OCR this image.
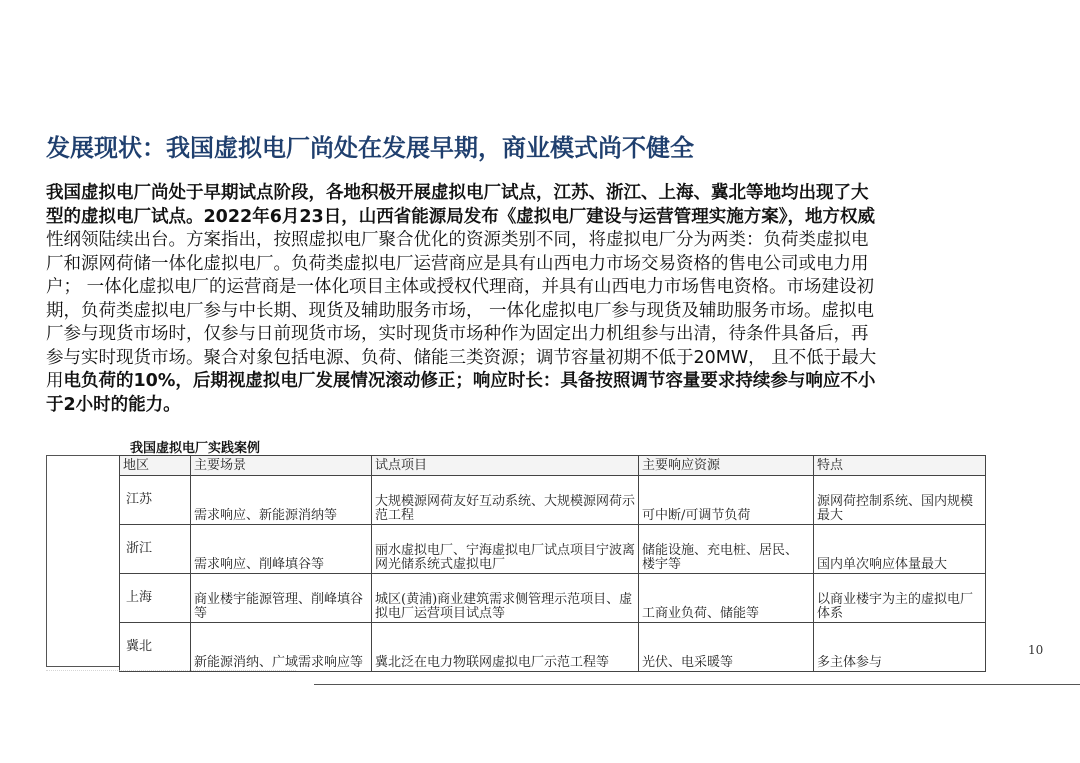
发展现状：我国虚拟电厂尚处在发展早期，商业模式尚不健全
我国虚拟电厂尚处于早期试点阶段，各地积极开展虚拟电厂试点，江苏、浙江、上海、冀北等地均出现了大
型的虚拟电厂试点。2022年6月23日，山西省能源局发布《虚拟电厂建设与运营管理实施方案》，地方权威
性纲领陆续出台。方案指出，按照虚拟电厂聚合优化的资源类别不同，将虚拟电厂分为两类：负荷类虚拟电
厂和源网荷储一体化虚拟电厂。负荷类虚拟电厂运营商应是具有山西电力市场交易资格的售电公司或电力用
户； 一体化虚拟电厂的运营商是一体化项目主体或授权代理商，并具有山西电力市场售电资格。市场建设初
期，负荷类虚拟电厂参与中长期、现货及辅助服务市场， 一体化虚拟电厂参与现货及辅助服务市场。虚拟电
厂参与现货市场时，仅参与日前现货市场，实时现货市场种作为固定出力机组参与出清，待条件具备后，再
参与实时现货市场。聚合对象包括电源、负荷、储能三类资源；调节容量初期不低于20MW， 且不低于最大
用电负荷的10%，后期视虚拟电厂发展情况滚动修正；响应时长：具备按照调节容量要求持续参与响应不小
于2小时的能力。
我国虚拟电厂实践案例
地区	主要场景	试点项目	主要响应资源	特点
江苏	需求响应、新能源消纳等	大规模源网荷友好互动系统、大规模源网荷示范工程	可中断/可调节负荷	源网荷控制系统、国内规模最大
浙江	需求响应、削峰填谷等	丽水虚拟电厂、宁海虚拟电厂试点项目宁波离网光储系统式虚拟电厂	储能设施、充电桩、居民、楼宇等	国内单次响应体量最大
上海	商业楼宇能源管理、削峰填谷等	城区(黄浦)商业建筑需求侧管理示范项目、虚拟电厂运营项目试点等	工商业负荷、储能等	以商业楼宇为主的虚拟电厂体系
冀北	新能源消纳、广域需求响应等	冀北泛在电力物联网虚拟电厂示范工程等	光伏、电采暖等	多主体参与
10
